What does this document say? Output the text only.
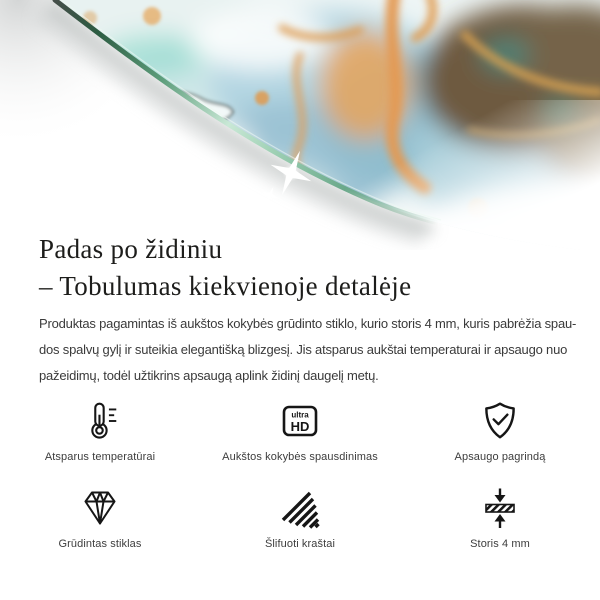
Padas po židiniu
– Tobulumas kiekvienoje detalėje
Produktas pagamintas iš aukštos kokybės grūdinto stiklo, kurio storis 4 mm, kuris pabrėžia spau-
dos spalvų gylį ir suteikia elegantišką blizgesį. Jis atsparus aukštai temperaturai ir apsaugo nuo
pažeidimų, todėl užtikrins apsaugą aplink židinį daugelį metų.
Atsparus temperatūrai
ultra
HD
Aukštos kokybės spausdinimas	Apsaugo pagrindą
Grūdintas stiklas	Šlifuoti kraštai	Storis 4 mm
